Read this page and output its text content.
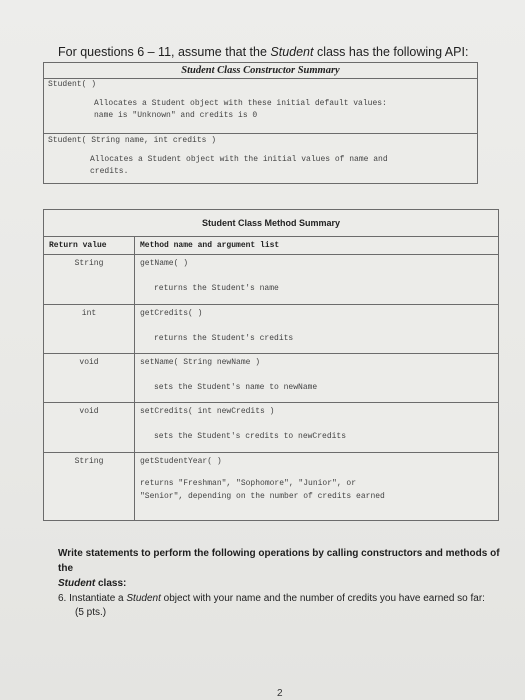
For questions 6 – 11, assume that the Student class has the following API:
Student Class Constructor Summary
Student( )
Allocates a Student object with these initial default values:
name is "Unknown" and credits is 0
Student( String name, int credits )
Allocates a Student object with the initial values of name and
credits.
Student Class Method Summary
Return value	Method name and argument list
String	getName( )
returns the Student's name
int	getCredits( )
returns the Student's credits
void	setName( String newName )
sets the Student's name to newName
void	setCredits( int newCredits )
sets the Student's credits to newCredits
String	getStudentYear( )
returns "Freshman", "Sophomore", "Junior", or
"Senior", depending on the number of credits earned
Write statements to perform the following operations by calling constructors and methods of the
Student class:
6. Instantiate a Student object with your name and the number of credits you have earned so far:
(5 pts.)
2
